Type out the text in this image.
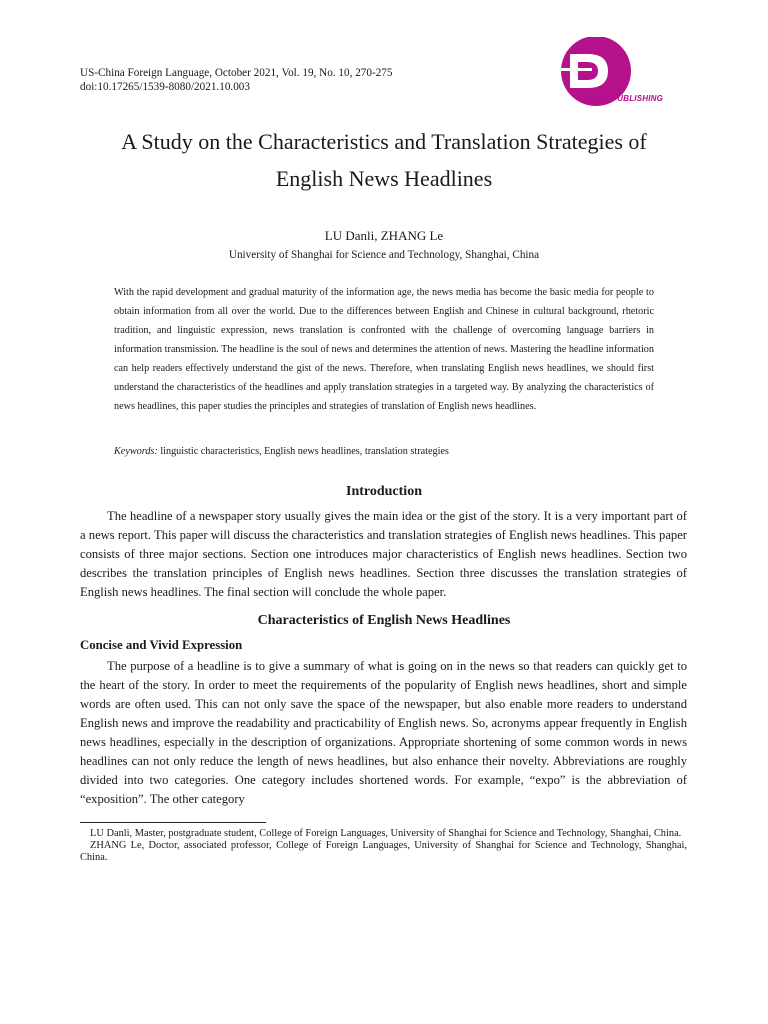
US-China Foreign Language, October 2021, Vol. 19, No. 10, 270-275
doi:10.17265/1539-8080/2021.10.003
DAVID PUBLISHING
A Study on the Characteristics and Translation Strategies of
English News Headlines
LU Danli, ZHANG Le
University of Shanghai for Science and Technology, Shanghai, China

With the rapid development and gradual maturity of the information age, the news media has become the basic media for people to obtain information from all over the world. Due to the differences between English and Chinese in cultural background, rhetoric tradition, and linguistic expression, news translation is confronted with the challenge of overcoming language barriers in information transmission. The headline is the soul of news and determines the attention of news. Mastering the headline information can help readers effectively understand the gist of the news. Therefore, when translating English news headlines, we should first understand the characteristics of the headlines and apply translation strategies in a targeted way. By analyzing the characteristics of news headlines, this paper studies the principles and strategies of translation of English news headlines.

Keywords: linguistic characteristics, English news headlines, translation strategies
Introduction

The headline of a newspaper story usually gives the main idea or the gist of the story. It is a very important part of a news report. This paper will discuss the characteristics and translation strategies of English news headlines. This paper consists of three major sections. Section one introduces major characteristics of English news headlines. Section two describes the translation principles of English news headlines. Section three discusses the translation strategies of English news headlines. The final section will conclude the whole paper.

Characteristics of English News Headlines
Concise and Vivid Expression

The purpose of a headline is to give a summary of what is going on in the news so that readers can quickly get to the heart of the story. In order to meet the requirements of the popularity of English news headlines, short and simple words are often used. This can not only save the space of the newspaper, but also enable more readers to understand English news and improve the readability and practicability of English news. So, acronyms appear frequently in English news headlines, especially in the description of organizations. Appropriate shortening of some common words in news headlines can not only reduce the length of news headlines, but also enhance their novelty. Abbreviations are roughly divided into two categories. One category includes shortened words. For example, “expo” is the abbreviation of “exposition”. The other category

LU Danli, Master, postgraduate student, College of Foreign Languages, University of Shanghai for Science and Technology, Shanghai, China.

ZHANG Le, Doctor, associated professor, College of Foreign Languages, University of Shanghai for Science and Technology, Shanghai, China.
